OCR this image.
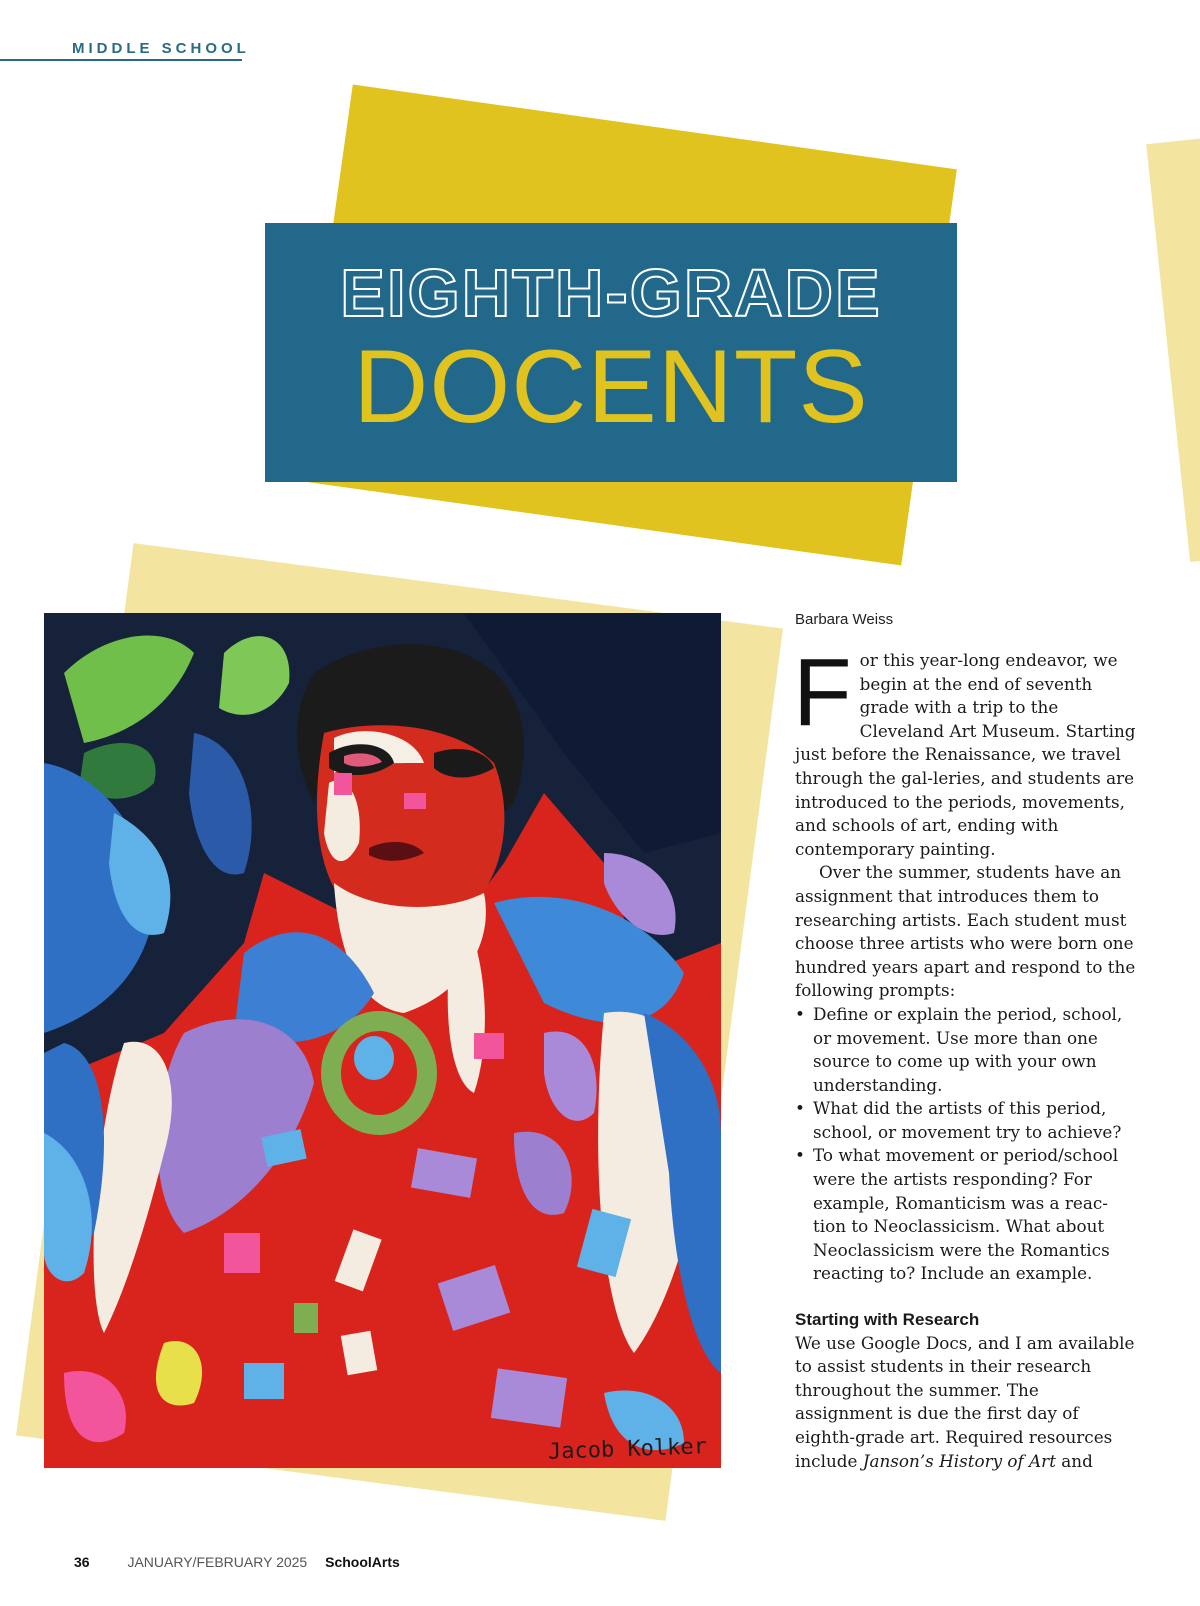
MIDDLE SCHOOL
EIGHTH-GRADE
DOCENTS
Jacob Kolker
Barbara Weiss

For this year-long endeavor, we begin at the end of seventh grade with a trip to the Cleveland Art Museum. Starting just before the Renaissance, we travel through the gal-leries, and students are introduced to the periods, movements, and schools of art, ending with contemporary painting.

Over the summer, students have an assignment that introduces them to researching artists. Each student must choose three artists who were born one hundred years apart and respond to the following prompts:

• Define or explain the period, school, or movement. Use more than one source to come up with your own understanding.
• What did the artists of this period, school, or movement try to achieve?
• To what movement or period/school were the artists responding? For example, Romanticism was a reac-tion to Neoclassicism. What about Neoclassicism were the Romantics reacting to? Include an example.

Starting with Research

We use Google Docs, and I am available to assist students in their research throughout the summer. The assignment is due the first day of eighth-grade art. Required resources include Janson’s History of Art and

36	JANUARY/FEBRUARY 2025 SchoolArts
